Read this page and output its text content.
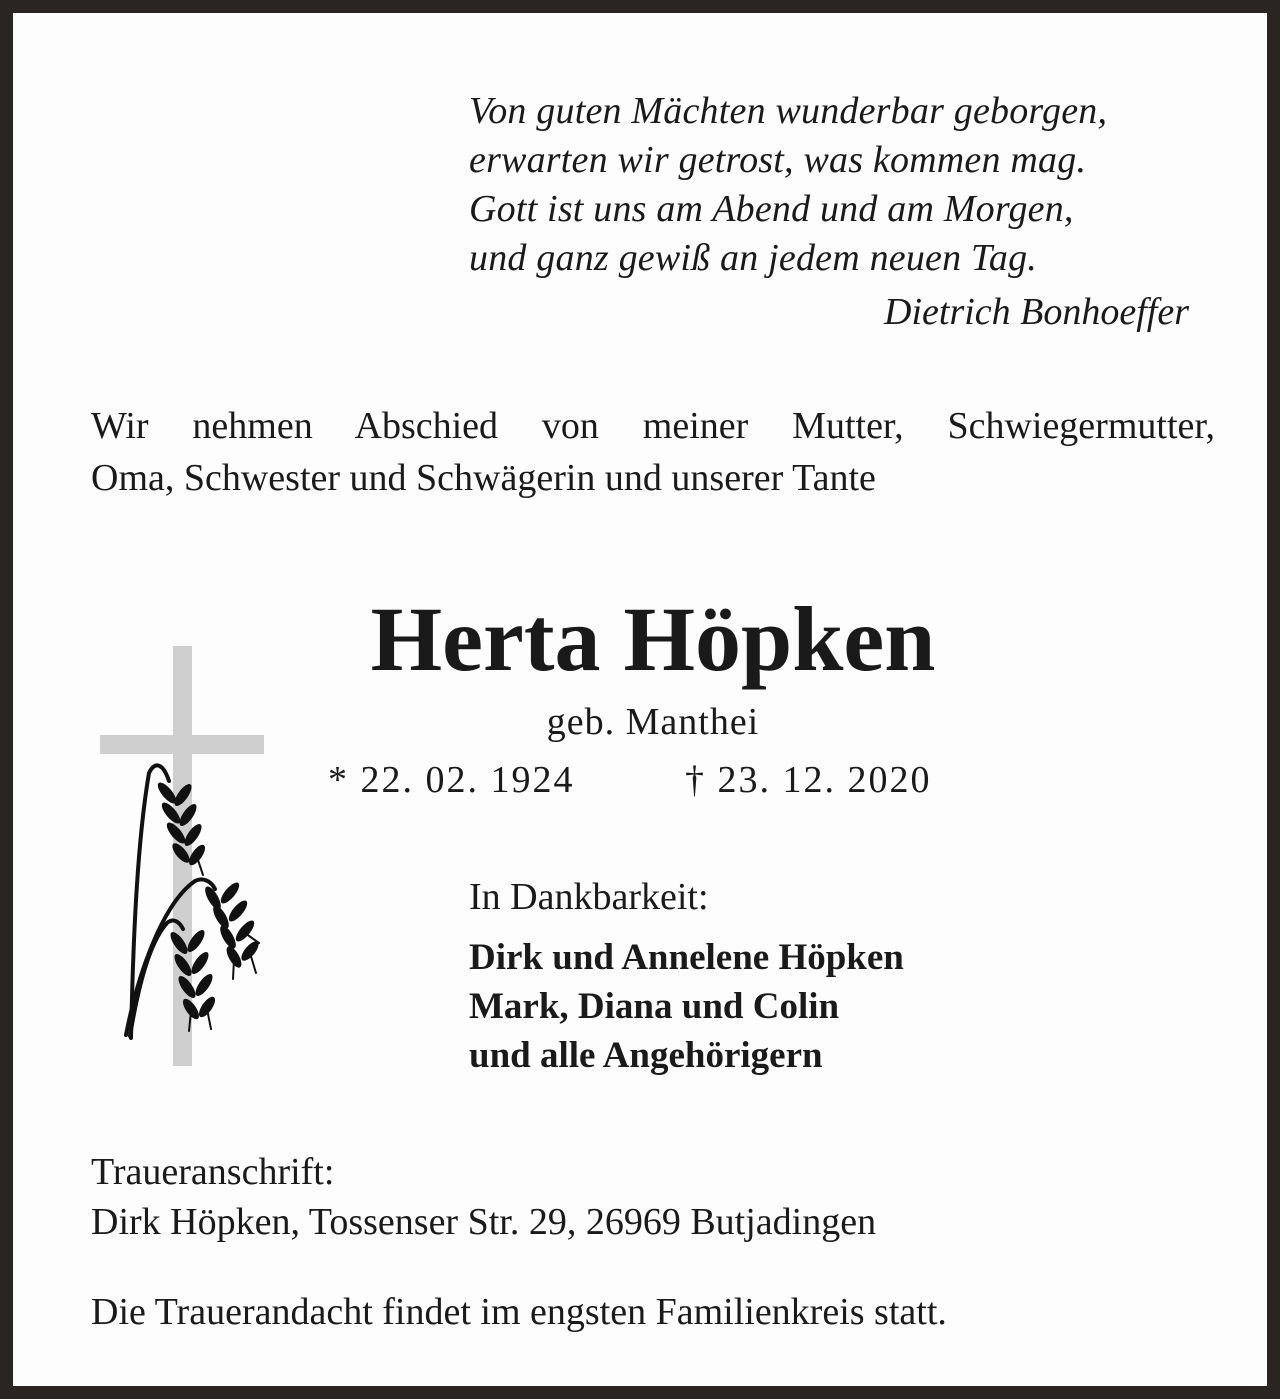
Von guten Mächten wunderbar geborgen,
erwarten wir getrost, was kommen mag.
Gott ist uns am Abend und am Morgen,
und ganz gewiß an jedem neuen Tag.
Dietrich Bonhoeffer
Wir nehmen Abschied von meiner Mutter, Schwiegermutter,
Oma, Schwester und Schwägerin und unserer Tante
Herta Höpken
geb. Manthei
* 22. 02. 1924	† 23. 12. 2020
In Dankbarkeit:
Dirk und Annelene Höpken
Mark, Diana und Colin
und alle Angehörigern
Traueranschrift:
Dirk Höpken, Tossenser Str. 29, 26969 Butjadingen
Die Trauerandacht findet im engsten Familienkreis statt.
